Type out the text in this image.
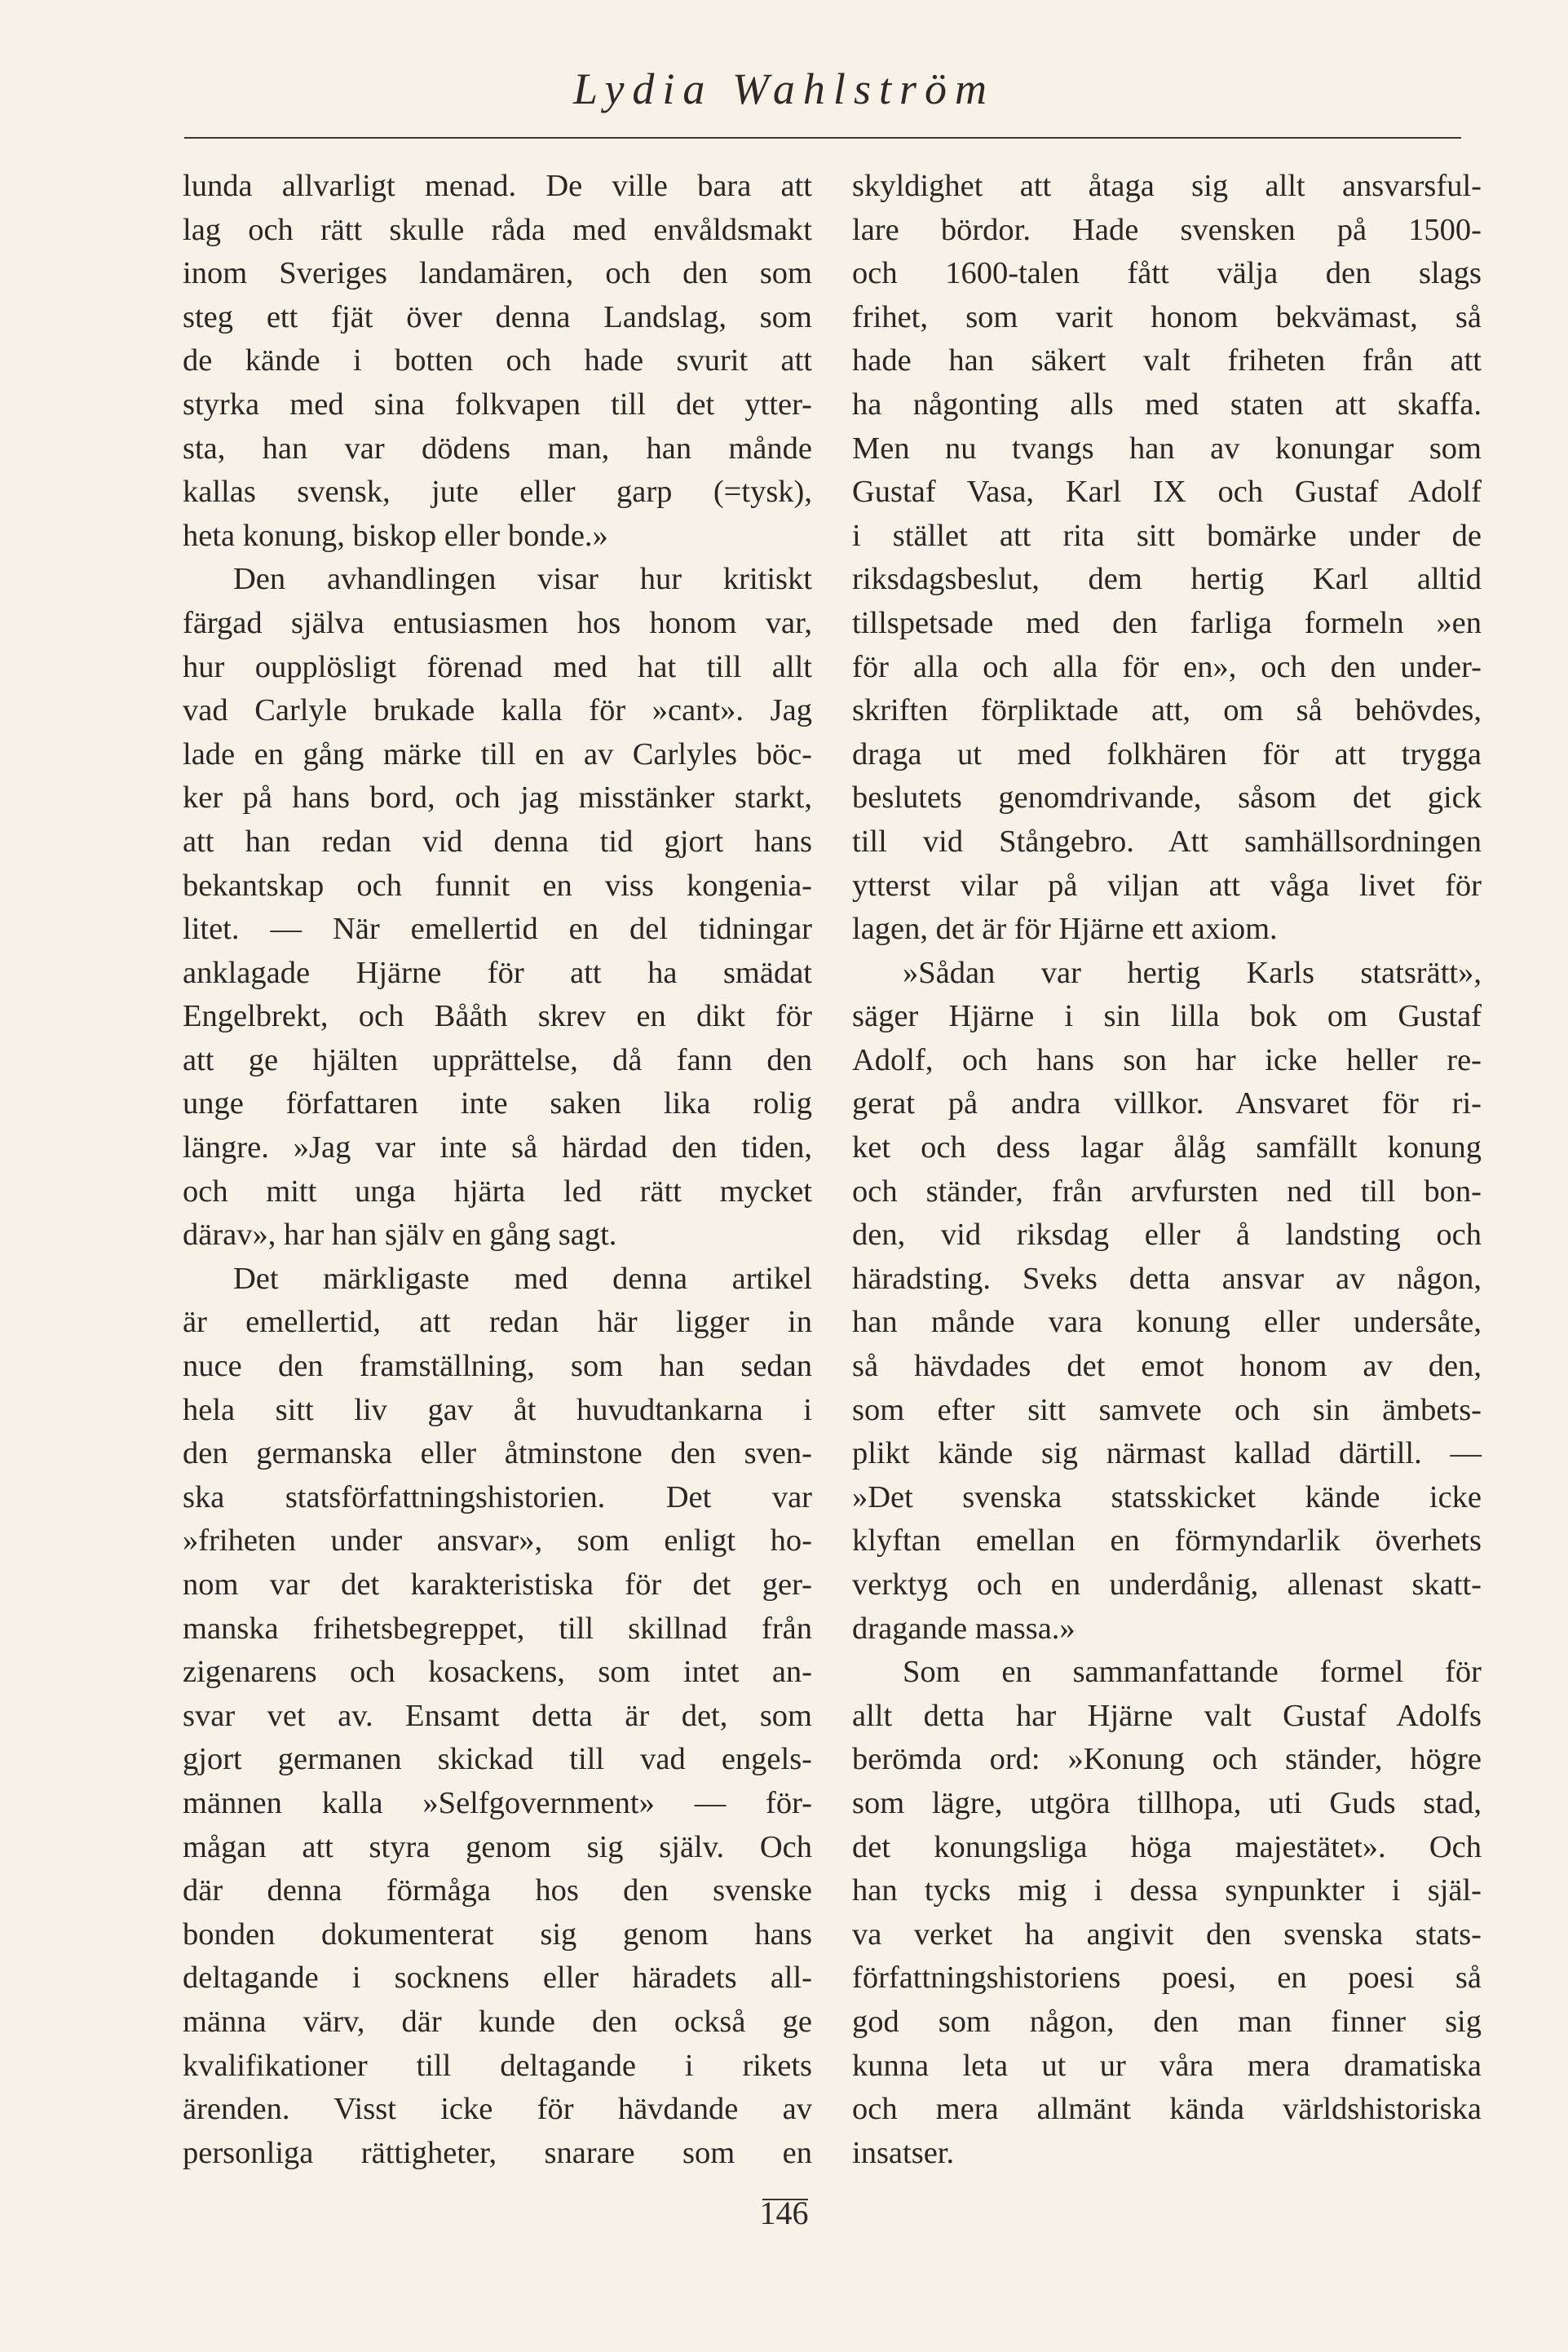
Lydia Wahlström
lunda allvarligt menad. De ville bara att
lag och rätt skulle råda med envåldsmakt
inom Sveriges landamären, och den som
steg ett fjät över denna Landslag, som
de kände i botten och hade svurit att
styrka med sina folkvapen till det ytter-
sta, han var dödens man, han månde
kallas svensk, jute eller garp (=tysk),
heta konung, biskop eller bonde.»
Den avhandlingen visar hur kritiskt
färgad själva entusiasmen hos honom var,
hur oupplösligt förenad med hat till allt
vad Carlyle brukade kalla för »cant». Jag
lade en gång märke till en av Carlyles böc-
ker på hans bord, och jag misstänker starkt,
att han redan vid denna tid gjort hans
bekantskap och funnit en viss kongenia-
litet. — När emellertid en del tidningar
anklagade Hjärne för att ha smädat
Engelbrekt, och Bååth skrev en dikt för
att ge hjälten upprättelse, då fann den
unge författaren inte saken lika rolig
längre. »Jag var inte så härdad den tiden,
och mitt unga hjärta led rätt mycket
därav», har han själv en gång sagt.
Det märkligaste med denna artikel
är emellertid, att redan här ligger in
nuce den framställning, som han sedan
hela sitt liv gav åt huvudtankarna i
den germanska eller åtminstone den sven-
ska statsförfattningshistorien. Det var
»friheten under ansvar», som enligt ho-
nom var det karakteristiska för det ger-
manska frihetsbegreppet, till skillnad från
zigenarens och kosackens, som intet an-
svar vet av. Ensamt detta är det, som
gjort germanen skickad till vad engels-
männen kalla »Selfgovernment» — för-
mågan att styra genom sig själv. Och
där denna förmåga hos den svenske
bonden dokumenterat sig genom hans
deltagande i socknens eller häradets all-
männa värv, där kunde den också ge
kvalifikationer till deltagande i rikets
ärenden. Visst icke för hävdande av
personliga rättigheter, snarare som en
skyldighet att åtaga sig allt ansvarsful-
lare bördor. Hade svensken på 1500-
och 1600-talen fått välja den slags
frihet, som varit honom bekvämast, så
hade han säkert valt friheten från att
ha någonting alls med staten att skaffa.
Men nu tvangs han av konungar som
Gustaf Vasa, Karl IX och Gustaf Adolf
i stället att rita sitt bomärke under de
riksdagsbeslut, dem hertig Karl alltid
tillspetsade med den farliga formeln »en
för alla och alla för en», och den under-
skriften förpliktade att, om så behövdes,
draga ut med folkhären för att trygga
beslutets genomdrivande, såsom det gick
till vid Stångebro. Att samhällsordningen
ytterst vilar på viljan att våga livet för
lagen, det är för Hjärne ett axiom.
»Sådan var hertig Karls statsrätt»,
säger Hjärne i sin lilla bok om Gustaf
Adolf, och hans son har icke heller re-
gerat på andra villkor. Ansvaret för ri-
ket och dess lagar ålåg samfällt konung
och ständer, från arvfursten ned till bon-
den, vid riksdag eller å landsting och
häradsting. Sveks detta ansvar av någon,
han månde vara konung eller undersåte,
så hävdades det emot honom av den,
som efter sitt samvete och sin ämbets-
plikt kände sig närmast kallad därtill. —
»Det svenska statsskicket kände icke
klyftan emellan en förmyndarlik överhets
verktyg och en underdånig, allenast skatt-
dragande massa.»
Som en sammanfattande formel för
allt detta har Hjärne valt Gustaf Adolfs
berömda ord: »Konung och ständer, högre
som lägre, utgöra tillhopa, uti Guds stad,
det konungsliga höga majestätet». Och
han tycks mig i dessa synpunkter i själ-
va verket ha angivit den svenska stats-
författningshistoriens poesi, en poesi så
god som någon, den man finner sig
kunna leta ut ur våra mera dramatiska
och mera allmänt kända världshistoriska
insatser.
146
